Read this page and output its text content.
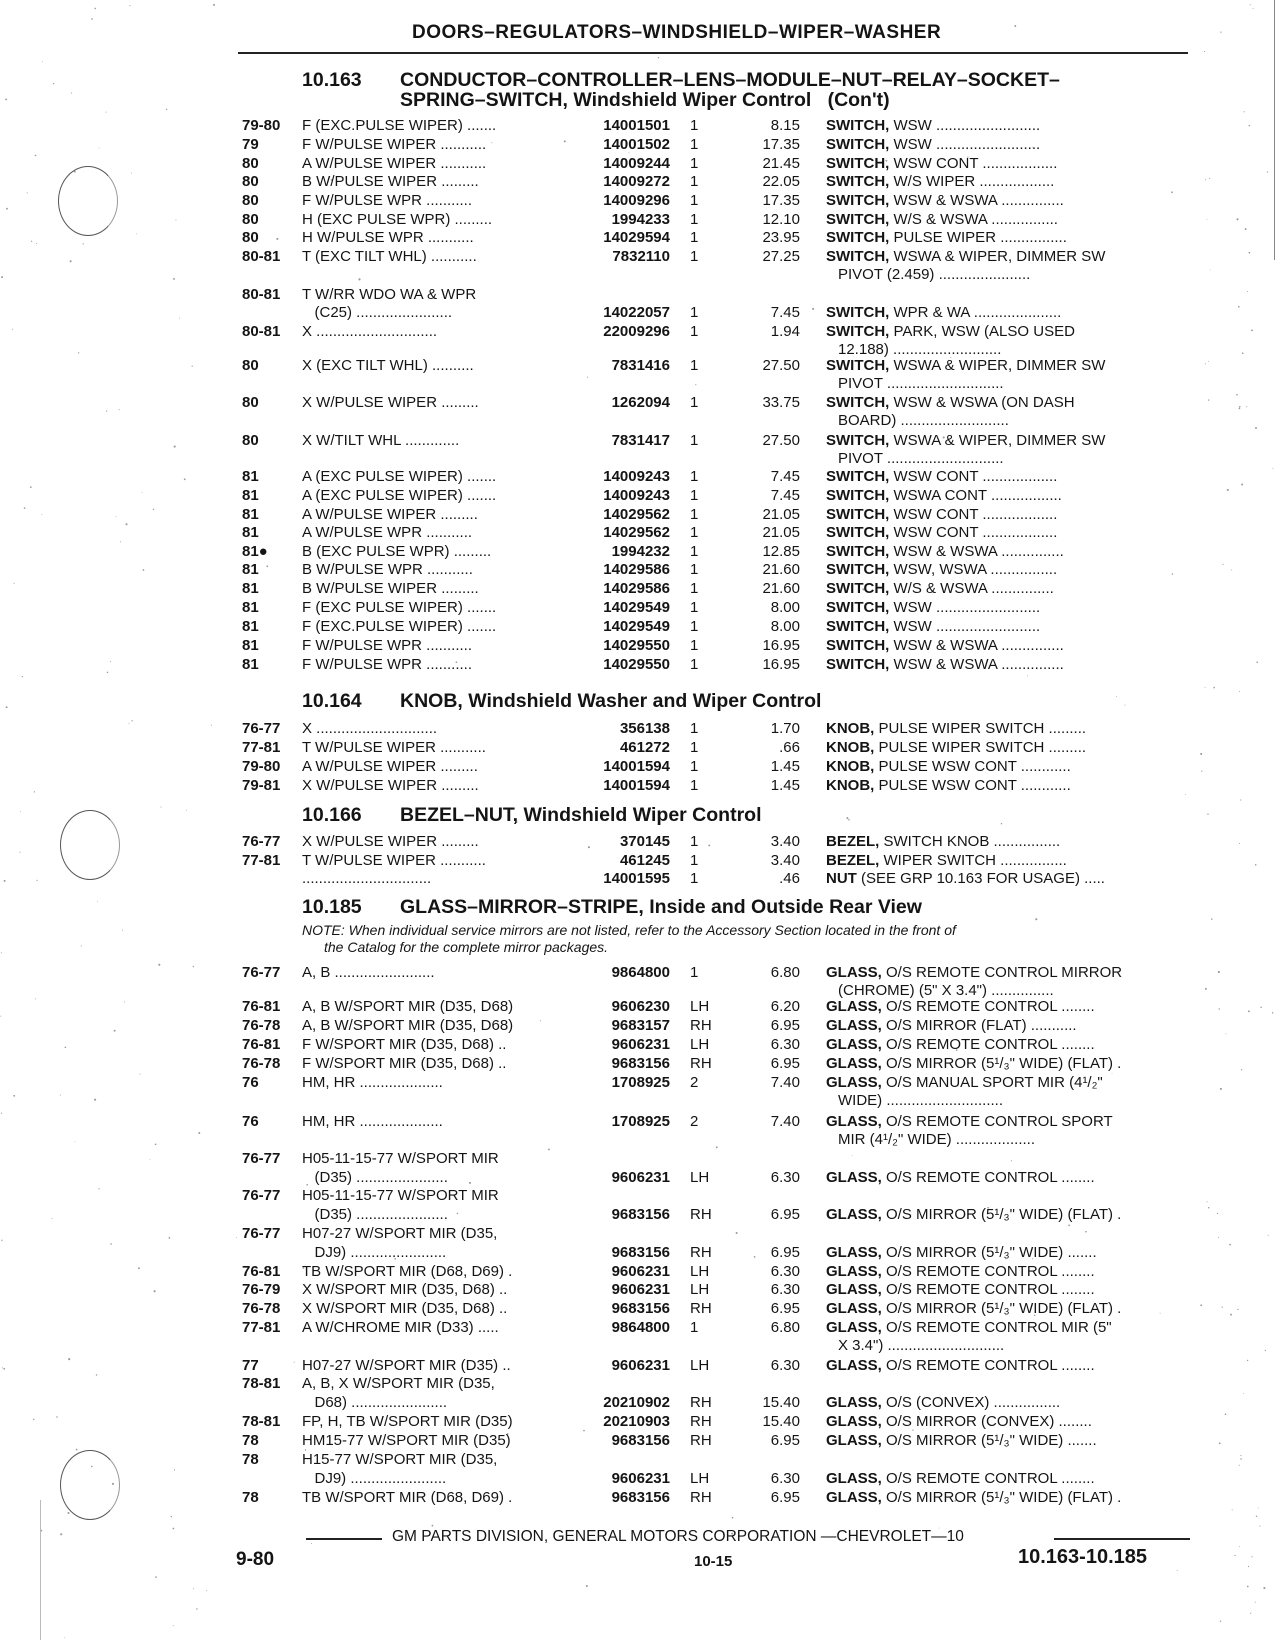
DOORS–REGULATORS–WINDSHIELD–WIPER–WASHER
10.163 CONDUCTOR–CONTROLLER–LENS–MODULE–NUT–RELAY–SOCKET–
SPRING–SWITCH, Windshield Wiper Control   (Con't)
10.164 KNOB, Windshield Washer and Wiper Control
10.166 BEZEL–NUT, Windshield Wiper Control
10.185 GLASS–MIRROR–STRIPE, Inside and Outside Rear View
NOTE: When individual service mirrors are not listed, refer to the Accessory Section located in the front of
the Catalog for the complete mirror packages.
79-80 F (EXC.PULSE WIPER) .......	14001501 1	8.15 SWITCH, WSW .........................
79	F W/PULSE WIPER ...........	14001502 1	17.35 SWITCH, WSW .........................
80	A W/PULSE WIPER ...........	14009244 1	21.45 SWITCH, WSW CONT ..................
80	B W/PULSE WIPER .........	14009272 1	22.05 SWITCH, W/S WIPER ..................
80	F W/PULSE WPR ...........	14009296 1	17.35 SWITCH, WSW & WSWA ...............
80	H (EXC PULSE WPR) .........	1994233 1	12.10 SWITCH, W/S & WSWA ................
80	H W/PULSE WPR ...........	14029594 1	23.95 SWITCH, PULSE WIPER ................
80-81 T (EXC TILT WHL) ...........	7832110 1	27.25 SWITCH, WSWA & WIPER, DIMMER SW
PIVOT (2.459) ......................
80-81 T W/RR WDO WA & WPR
(C25) .......................	14022057 1	7.45 SWITCH, WPR & WA .....................
80-81 X .............................	22009296 1	1.94 SWITCH, PARK, WSW (ALSO USED
12.188) ..........................
80	X (EXC TILT WHL) ..........	7831416 1	27.50 SWITCH, WSWA & WIPER, DIMMER SW
PIVOT ............................
80	X W/PULSE WIPER .........	1262094 1	33.75 SWITCH, WSW & WSWA (ON DASH
BOARD) ..........................
80	X W/TILT WHL .............	7831417 1	27.50 SWITCH, WSWA & WIPER, DIMMER SW
PIVOT ............................
81	A (EXC PULSE WIPER) .......	14009243 1	7.45 SWITCH, WSW CONT ..................
81	A (EXC PULSE WIPER) .......	14009243 1	7.45 SWITCH, WSWA CONT .................
81	A W/PULSE WIPER .........	14029562 1	21.05 SWITCH, WSW CONT ..................
81	A W/PULSE WPR ...........	14029562 1	21.05 SWITCH, WSW CONT ..................
81● B (EXC PULSE WPR) .........	1994232 1	12.85 SWITCH, WSW & WSWA ...............
81	B W/PULSE WPR ...........	14029586 1	21.60 SWITCH, WSW, WSWA ................
81	B W/PULSE WIPER .........	14029586 1	21.60 SWITCH, W/S & WSWA ...............
81	F (EXC PULSE WIPER) .......	14029549 1	8.00 SWITCH, WSW .........................
81	F (EXC.PULSE WIPER) .......	14029549 1	8.00 SWITCH, WSW .........................
81	F W/PULSE WPR ...........	14029550 1	16.95 SWITCH, WSW & WSWA ...............
81	F W/PULSE WPR ...........	14029550 1	16.95 SWITCH, WSW & WSWA ...............
76-77 X .............................	356138 1	1.70 KNOB, PULSE WIPER SWITCH .........
77-81 T W/PULSE WIPER ...........	461272 1	.66 KNOB, PULSE WIPER SWITCH .........
79-80 A W/PULSE WIPER .........	14001594 1	1.45 KNOB, PULSE WSW CONT ............
79-81 X W/PULSE WIPER .........	14001594 1	1.45 KNOB, PULSE WSW CONT ............
76-77 X W/PULSE WIPER .........	370145 1	3.40 BEZEL, SWITCH KNOB ................
77-81 T W/PULSE WIPER ...........	461245 1	3.40 BEZEL, WIPER SWITCH ................
...............................	14001595 1	.46 NUT (SEE GRP 10.163 FOR USAGE) .....
76-77 A, B ........................	9864800 1	6.80 GLASS, O/S REMOTE CONTROL MIRROR
(CHROME) (5" X 3.4") ...............
76-81 A, B W/SPORT MIR (D35, D68)	9606230 LH	6.20 GLASS, O/S REMOTE CONTROL ........
76-78 A, B W/SPORT MIR (D35, D68)	9683157 RH	6.95 GLASS, O/S MIRROR (FLAT) ...........
76-81 F W/SPORT MIR (D35, D68) ..	9606231 LH	6.30 GLASS, O/S REMOTE CONTROL ........
76-78 F W/SPORT MIR (D35, D68) ..	9683156 RH	6.95 GLASS, O/S MIRROR (5¹/₃" WIDE) (FLAT) .
76	HM, HR ....................	1708925 2	7.40 GLASS, O/S MANUAL SPORT MIR (4¹/₂"
WIDE) ............................
76	HM, HR ....................	1708925 2	7.40 GLASS, O/S REMOTE CONTROL SPORT
MIR (4¹/₂" WIDE) ...................
76-77 H05-11-15-77 W/SPORT MIR
(D35) ......................	9606231 LH	6.30 GLASS, O/S REMOTE CONTROL ........
76-77 H05-11-15-77 W/SPORT MIR
(D35) ......................	9683156 RH	6.95 GLASS, O/S MIRROR (5¹/₃" WIDE) (FLAT) .
76-77 H07-27 W/SPORT MIR (D35,
DJ9) .......................	9683156 RH	6.95 GLASS, O/S MIRROR (5¹/₃" WIDE) .......
76-81 TB W/SPORT MIR (D68, D69) .	9606231 LH	6.30 GLASS, O/S REMOTE CONTROL ........
76-79 X W/SPORT MIR (D35, D68) ..	9606231 LH	6.30 GLASS, O/S REMOTE CONTROL ........
76-78 X W/SPORT MIR (D35, D68) ..	9683156 RH	6.95 GLASS, O/S MIRROR (5¹/₃" WIDE) (FLAT) .
77-81 A W/CHROME MIR (D33) .....	9864800 1	6.80 GLASS, O/S REMOTE CONTROL MIR (5"
X 3.4") ............................
77	H07-27 W/SPORT MIR (D35) ..	9606231 LH	6.30 GLASS, O/S REMOTE CONTROL ........
78-81 A, B, X W/SPORT MIR (D35,
D68) .......................	20210902 RH	15.40 GLASS, O/S (CONVEX) ................
78-81 FP, H, TB W/SPORT MIR (D35)	20210903 RH	15.40 GLASS, O/S MIRROR (CONVEX) ........
78	HM15-77 W/SPORT MIR (D35)	9683156 RH	6.95 GLASS, O/S MIRROR (5¹/₃" WIDE) .......
78	H15-77 W/SPORT MIR (D35,
DJ9) .......................	9606231 LH	6.30 GLASS, O/S REMOTE CONTROL ........
78	TB W/SPORT MIR (D68, D69) .	9683156 RH	6.95 GLASS, O/S MIRROR (5¹/₃" WIDE) (FLAT) .
GM PARTS DIVISION, GENERAL MOTORS CORPORATION —CHEVROLET—10
9-80	10-15	10.163-10.185
